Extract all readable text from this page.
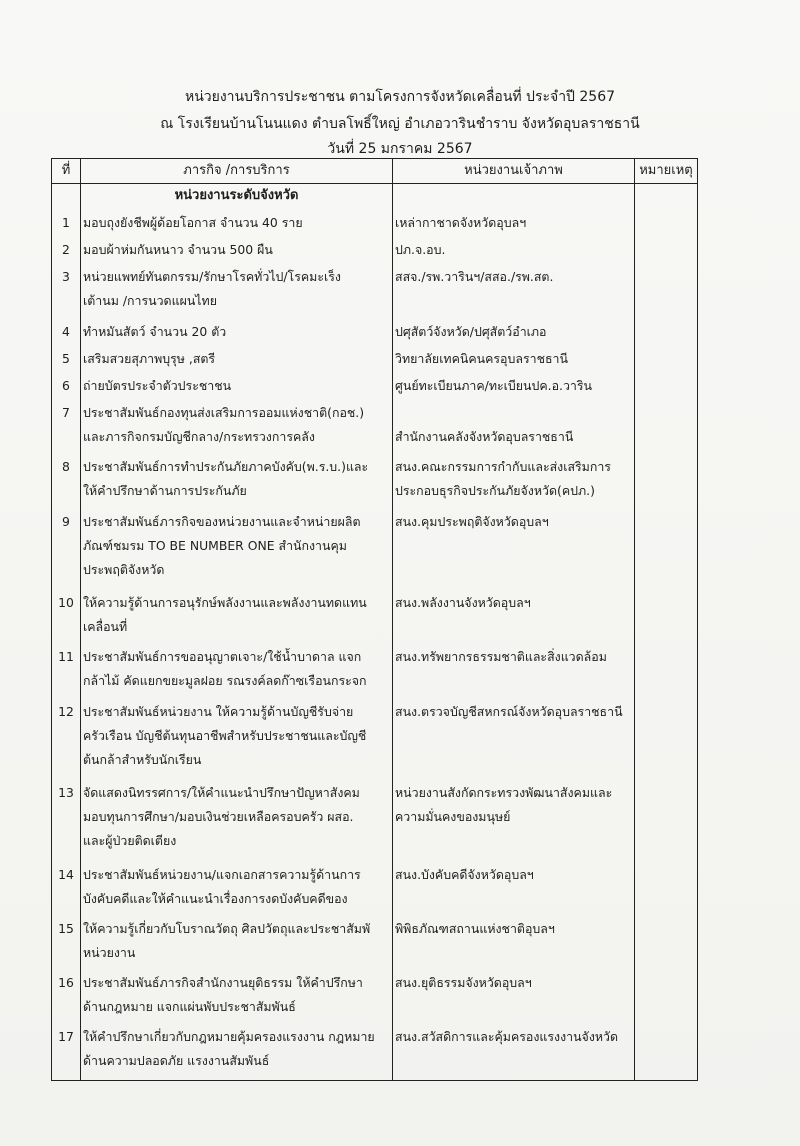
หน่วยงานบริการประชาชน ตามโครงการจังหวัดเคลื่อนที่ ประจำปี 2567
ณ โรงเรียนบ้านโนนแดง ตำบลโพธิ์ใหญ่ อำเภอวารินชำราบ จังหวัดอุบลราชธานี
วันที่ 25 มกราคม 2567
ที่	ภารกิจ /การบริการ	หน่วยงานเจ้าภาพ	หมายเหตุ
	หน่วยงานระดับจังหวัด		
1	มอบถุงยังชีพผู้ด้อยโอกาส จำนวน 40 ราย	เหล่ากาชาดจังหวัดอุบลฯ	

2	มอบผ้าห่มกันหนาว จำนวน 500 ผืน	ปภ.จ.อบ.	

3	หน่วยแพทย์ทันตกรรม/รักษาโรคทั่วไป/โรคมะเร็ง
เต้านม /การนวดแผนไทย	สสจ./รพ.วารินฯ/สสอ./รพ.สต.	

4	ทำหมันสัตว์ จำนวน 20 ตัว	ปศุสัตว์จังหวัด/ปศุสัตว์อำเภอ	

5	เสริมสวยสุภาพบุรุษ ,สตรี	วิทยาลัยเทคนิคนครอุบลราชธานี	

6	ถ่ายบัตรประจำตัวประชาชน	ศูนย์ทะเบียนภาค/ทะเบียนปค.อ.วาริน	

7	ประชาสัมพันธ์กองทุนส่งเสริมการออมแห่งชาติ(กอช.)
และภารกิจกรมบัญชีกลาง/กระทรวงการคลัง	สำนักงานคลังจังหวัดอุบลราชธานี	

8	ประชาสัมพันธ์การทำประกันภัยภาคบังคับ(พ.ร.บ.)และ
ให้คำปรึกษาด้านการประกันภัย	สนง.คณะกรรมการกำกับและส่งเสริมการ
ประกอบธุรกิจประกันภัยจังหวัด(คปภ.)	

9	ประชาสัมพันธ์ภารกิจของหน่วยงานและจำหน่ายผลิต
ภัณฑ์ชมรม TO BE NUMBER ONE สำนักงานคุม
ประพฤติจังหวัด	สนง.คุมประพฤติจังหวัดอุบลฯ	

10	ให้ความรู้ด้านการอนุรักษ์พลังงานและพลังงานทดแทน
เคลื่อนที่	สนง.พลังงานจังหวัดอุบลฯ	

11	ประชาสัมพันธ์การขออนุญาตเจาะ/ใช้น้ำบาดาล แจก
กล้าไม้ คัดแยกขยะมูลฝอย รณรงค์ลดก๊าซเรือนกระจก	สนง.ทรัพยากรธรรมชาติและสิ่งแวดล้อม	

12	ประชาสัมพันธ์หน่วยงาน ให้ความรู้ด้านบัญชีรับจ่าย
ครัวเรือน บัญชีต้นทุนอาชีพสำหรับประชาชนและบัญชี
ต้นกล้าสำหรับนักเรียน	สนง.ตรวจบัญชีสหกรณ์จังหวัดอุบลราชธานี	

13	จัดแสดงนิทรรศการ/ให้คำแนะนำปรึกษาปัญหาสังคม
มอบทุนการศึกษา/มอบเงินช่วยเหลือครอบครัว ผสอ.
และผู้ป่วยติดเตียง	หน่วยงานสังกัดกระทรวงพัฒนาสังคมและ
ความมั่นคงของมนุษย์	

14	ประชาสัมพันธ์หน่วยงาน/แจกเอกสารความรู้ด้านการ
บังคับคดีและให้คำแนะนำเรื่องการงดบังคับคดีของ	สนง.บังคับคดีจังหวัดอุบลฯ	

15	ให้ความรู้เกี่ยวกับโบราณวัตถุ ศิลปวัตถุและประชาสัมพั
หน่วยงาน	พิพิธภัณฑสถานแห่งชาติอุบลฯ	

16	ประชาสัมพันธ์ภารกิจสำนักงานยุติธรรม ให้คำปรึกษา
ด้านกฎหมาย แจกแผ่นพับประชาสัมพันธ์	สนง.ยุติธรรมจังหวัดอุบลฯ	

17	ให้คำปรึกษาเกี่ยวกับกฎหมายคุ้มครองแรงงาน กฎหมาย
ด้านความปลอดภัย แรงงานสัมพันธ์	สนง.สวัสดิการและคุ้มครองแรงงานจังหวัด	
